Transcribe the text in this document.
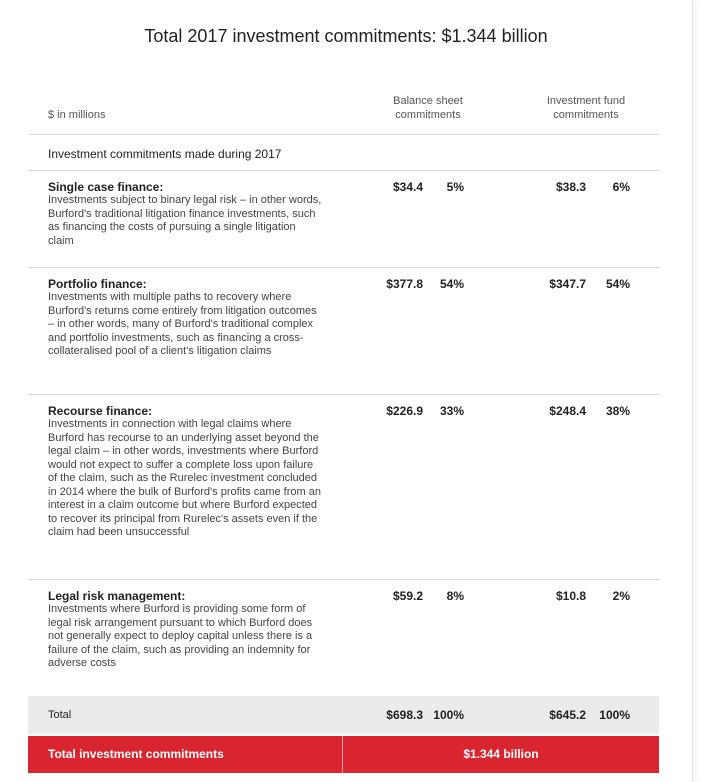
Total 2017 investment commitments: $1.344 billion
$ in millions
Balance sheet
commitments
Investment fund
commitments
Investment commitments made during 2017
Single case finance:
Investments subject to binary legal risk – in other words, Burford's traditional litigation finance investments, such as financing the costs of pursuing a single litigation claim
$34.4	5%	$38.3	6%
Portfolio finance:
Investments with multiple paths to recovery where Burford's returns come entirely from litigation outcomes – in other words, many of Burford's traditional complex and portfolio investments, such as financing a cross-collateralised pool of a client's litigation claims
$377.8	54%	$347.7	54%
Recourse finance:
Investments in connection with legal claims where Burford has recourse to an underlying asset beyond the legal claim – in other words, investments where Burford would not expect to suffer a complete loss upon failure of the claim, such as the Rurelec investment concluded in 2014 where the bulk of Burford's profits came from an interest in a claim outcome but where Burford expected to recover its principal from Rurelec's assets even if the claim had been unsuccessful
$226.9	33%	$248.4	38%
Legal risk management:
Investments where Burford is providing some form of legal risk arrangement pursuant to which Burford does not generally expect to deploy capital unless there is a failure of the claim, such as providing an indemnity for adverse costs
$59.2	8%	$10.8	2%
Total	$698.3 100%	$645.2	100%
Total investment commitments	$1.344 billion
